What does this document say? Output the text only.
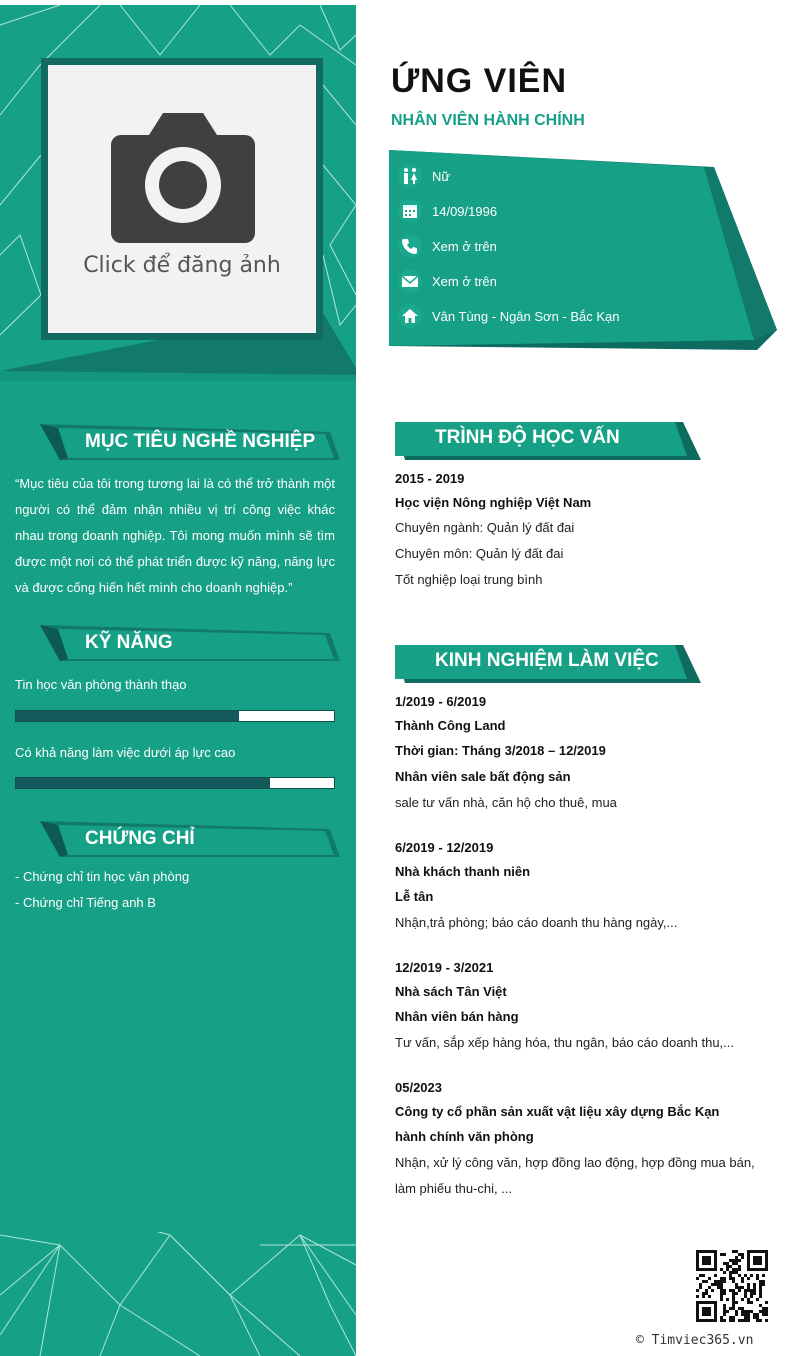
Click để đăng ảnh
MỤC TIÊU NGHỀ NGHIỆP
“Mục tiêu của tôi trong tương lai là có thể trở thành một người có thể đảm nhận nhiều vị trí công việc khác nhau trong doanh nghiệp. Tôi mong muốn mình sẽ tìm được một nơi có thể phát triển được kỹ năng, năng lực và được cống hiến hết mình cho doanh nghiệp.”
KỸ NĂNG
Tin học văn phòng thành thạo
Có khả năng làm việc dưới áp lực cao
CHỨNG CHỈ
- Chứng chỉ tin học văn phòng
- Chứng chỉ Tiếng anh B
ỨNG VIÊN
NHÂN VIÊN HÀNH CHÍNH
Nữ
14/09/1996
Xem ở trên
Xem ở trên
Vân Tùng - Ngân Sơn - Bắc Kạn
TRÌNH ĐỘ HỌC VẤN
2015 - 2019
Học viện Nông nghiệp Việt Nam
Chuyên ngành: Quản lý đất đai
Chuyên môn: Quản lý đất đai
Tốt nghiệp loại trung bình
KINH NGHIỆM LÀM VIỆC
1/2019 - 6/2019
Thành Công Land
Thời gian: Tháng 3/2018 – 12/2019
Nhân viên sale bất động sản
sale tư vấn nhà, căn hộ cho thuê, mua
6/2019 - 12/2019
Nhà khách thanh niên
Lễ tân
Nhận,trả phòng; báo cáo doanh thu hàng ngày,...
12/2019 - 3/2021
Nhà sách Tân Việt
Nhân viên bán hàng
Tư vấn, sắp xếp hàng hóa, thu ngân, báo cáo doanh thu,...
05/2023
Công ty cổ phần sản xuất vật liệu xây dựng Bắc Kạn
hành chính văn phòng
Nhận, xử lý công văn, hợp đồng lao động, hợp đồng mua bán,
làm phiếu thu-chi, ...
© Timviec365.vn
